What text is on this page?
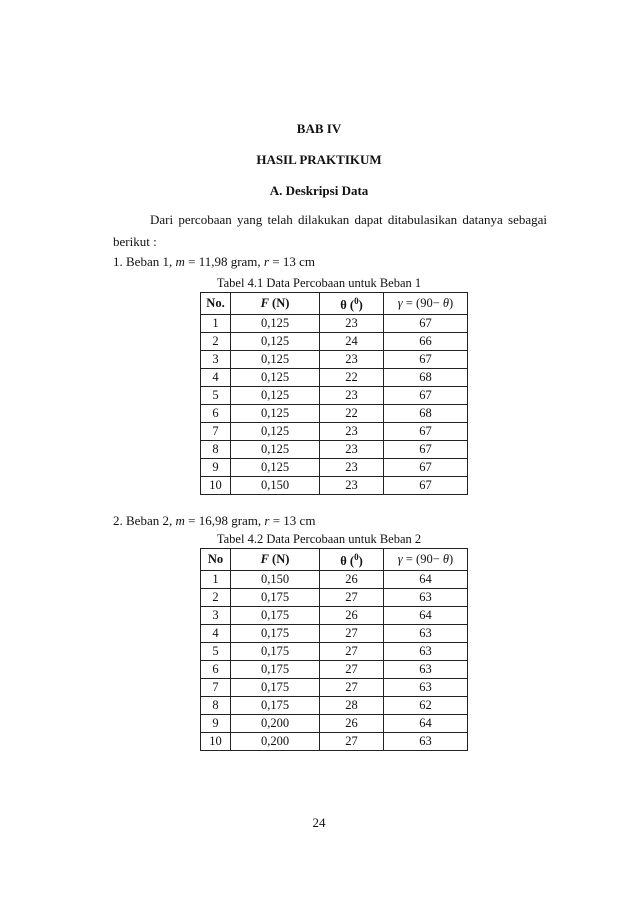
BAB IV
HASIL PRAKTIKUM
A. Deskripsi Data

Dari percobaan yang telah dilakukan dapat ditabulasikan datanya sebagai

berikut :

1. Beban 1, m = 11,98 gram, r = 13 cm
Tabel 4.1 Data Percobaan untuk Beban 1
No.	F (N)	θ ($^0$)	γ = (90− θ)
1	0,125	23	67
2	0,125	24	66
3	0,125	23	67
4	0,125	22	68
5	0,125	23	67
6	0,125	22	68
7	0,125	23	67
8	0,125	23	67
9	0,125	23	67
10	0,150	23	67
2. Beban 2, m = 16,98 gram, r = 13 cm
Tabel 4.2 Data Percobaan untuk Beban 2
No	F (N)	θ ($^0$)	γ = (90− θ)
1	0,150	26	64
2	0,175	27	63
3	0,175	26	64
4	0,175	27	63
5	0,175	27	63
6	0,175	27	63
7	0,175	27	63
8	0,175	28	62
9	0,200	26	64
10	0,200	27	63
24
